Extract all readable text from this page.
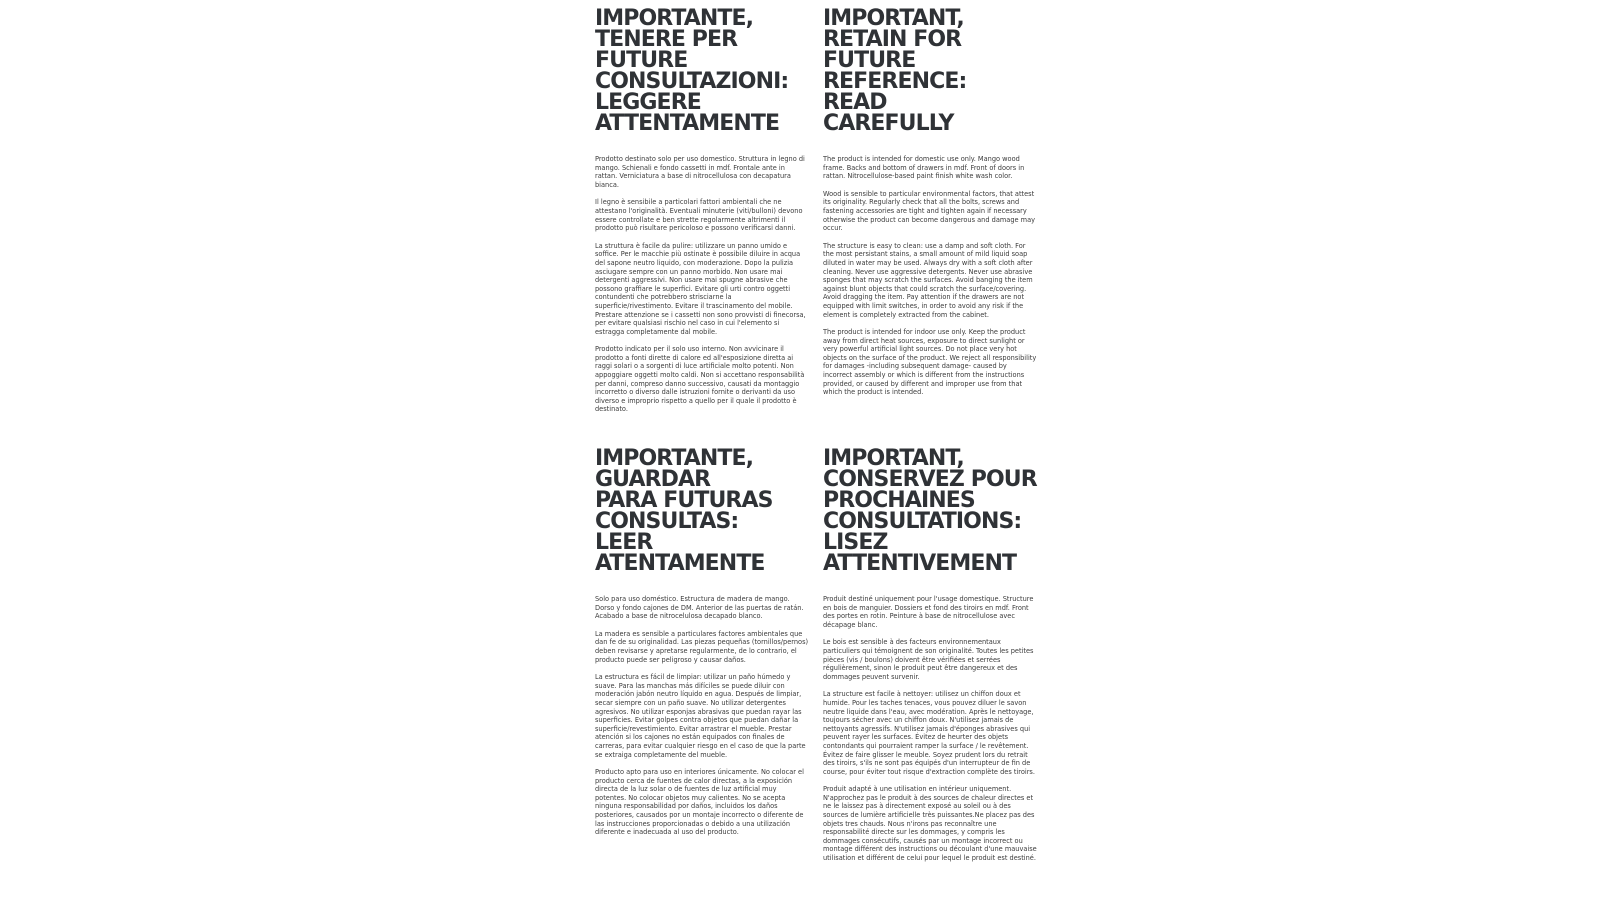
IMPORTANTE,
TENERE PER FUTURE
CONSULTAZIONI:
LEGGERE
ATTENTAMENTE

Prodotto destinato solo per uso domestico. Struttura in legno di mango. Schienali e fondo cassetti in mdf. Frontale ante in rattan. Verniciatura a base di nitrocellulosa con decapatura bianca.

Il legno è sensibile a particolari fattori ambientali che ne attestano l'originalità. Eventuali minuterie (viti/bulloni) devono essere controllate e ben strette regolarmente altrimenti il prodotto può risultare pericoloso e possono verificarsi danni.

La struttura è facile da pulire: utilizzare un panno umido e soffice. Per le macchie più ostinate è possibile diluire in acqua del sapone neutro liquido, con moderazione. Dopo la pulizia asciugare sempre con un panno morbido. Non usare mai detergenti aggressivi. Non usare mai spugne abrasive che possono graffiare le superfici. Evitare gli urti contro oggetti contundenti che potrebbero strisciarne la superficie/rivestimento. Evitare il trascinamento del mobile. Prestare attenzione se i cassetti non sono provvisti di finecorsa, per evitare qualsiasi rischio nel caso in cui l'elemento si estragga completamente dal mobile.

Prodotto indicato per il solo uso interno. Non avvicinare il prodotto a fonti dirette di calore ed all'esposizione diretta ai raggi solari o a sorgenti di luce artificiale molto potenti. Non appoggiare oggetti molto caldi. Non si accettano responsabilità per danni, compreso danno successivo, causati da montaggio incorretto o diverso dalle istruzioni fornite o derivanti da uso diverso e improprio rispetto a quello per il quale il prodotto è destinato.

IMPORTANT,
RETAIN FOR FUTURE
REFERENCE:
READ
CAREFULLY

The product is intended for domestic use only. Mango wood frame. Backs and bottom of drawers in mdf. Front of doors in rattan. Nitrocellulose-based paint finish white wash color.

Wood is sensible to particular environmental factors, that attest its originality. Regularly check that all the bolts, screws and fastening accessories are tight and tighten again if necessary otherwise the product can become dangerous and damage may occur.

The structure is easy to clean: use a damp and soft cloth. For the most persistant stains, a small amount of mild liquid soap diluted in water may be used. Always dry with a soft cloth after cleaning. Never use aggressive detergents. Never use abrasive sponges that may scratch the surfaces. Avoid banging the item against blunt objects that could scratch the surface/covering. Avoid dragging the item. Pay attention if the drawers are not equipped with limit switches, in order to avoid any risk if the element is completely extracted from the cabinet.

The product is intended for indoor use only. Keep the product away from direct heat sources, exposure to direct sunlight or very powerful artificial light sources. Do not place very hot objects on the surface of the product. We reject all responsibility for damages -including subsequent damage- caused by incorrect assembly or which is different from the instructions provided, or caused by different and improper use from that which the product is intended.

IMPORTANTE,
GUARDAR
PARA FUTURAS
CONSULTAS:
LEER
ATENTAMENTE

Solo para uso doméstico. Estructura de madera de mango. Dorso y fondo cajones de DM. Anterior de las puertas de ratán. Acabado a base de nitrocelulosa decapado blanco.

La madera es sensible a particulares factores ambientales que dan fe de su originalidad. Las piezas pequeñas (tornillos/pernos) deben revisarse y apretarse regularmente, de lo contrario, el producto puede ser peligroso y causar daños.

La estructura es fácil de limpiar: utilizar un paño húmedo y suave. Para las manchas más difíciles se puede diluir con moderación jabón neutro líquido en agua. Después de limpiar, secar siempre con un paño suave. No utilizar detergentes agresivos. No utilizar esponjas abrasivas que puedan rayar las superficies. Evitar golpes contra objetos que puedan dañar la superficie/revestimiento. Evitar arrastrar el mueble. Prestar atención si los cajones no están equipados con finales de carreras, para evitar cualquier riesgo en el caso de que la parte se extraiga completamente del mueble.

Producto apto para uso en interiores únicamente. No colocar el producto cerca de fuentes de calor directas, a la exposición directa de la luz solar o de fuentes de luz artificial muy potentes. No colocar objetos muy calientes. No se acepta ninguna responsabilidad por daños, incluidos los daños posteriores, causados por un montaje incorrecto o diferente de las instrucciones proporcionadas o debido a una utilización diferente e inadecuada al uso del producto.

IMPORTANT,
CONSERVEZ POUR
PROCHAINES
CONSULTATIONS:
LISEZ
ATTENTIVEMENT

Produit destiné uniquement pour l'usage domestique. Structure en bois de manguier. Dossiers et fond des tiroirs en mdf. Front des portes en rotin. Peinture à base de nitrocellulose avec décapage blanc.

Le bois est sensible à des facteurs environnementaux particuliers qui témoignent de son originalité. Toutes les petites pièces (vis / boulons) doivent être vérifiées et serrées régulièrement, sinon le produit peut être dangereux et des dommages peuvent survenir.

La structure est facile à nettoyer: utilisez un chiffon doux et humide. Pour les taches tenaces, vous pouvez diluer le savon neutre liquide dans l'eau, avec modération. Après le nettoyage, toujours sécher avec un chiffon doux. N'utilisez jamais de nettoyants agressifs. N'utilisez jamais d'éponges abrasives qui peuvent rayer les surfaces. Évitez de heurter des objets contondants qui pourraient ramper la surface / le revêtement. Évitez de faire glisser le meuble. Soyez prudent lors du retrait des tiroirs, s'ils ne sont pas équipés d'un interrupteur de fin de course, pour éviter tout risque d'extraction complète des tiroirs.

Produit adapté à une utilisation en intérieur uniquement. N'approchez pas le produit à des sources de chaleur directes et ne le laissez pas à directement exposé au soleil ou à des sources de lumière artificielle très puissantes.Ne placez pas des objets tres chauds. Nous n'irons pas reconnaître une responsabilité directe sur les dommages, y compris les dommages consécutifs, causés par un montage incorrect ou montage différent des instructions ou découlant d'une mauvaise utilisation et différent de celui pour lequel le produit est destiné.
